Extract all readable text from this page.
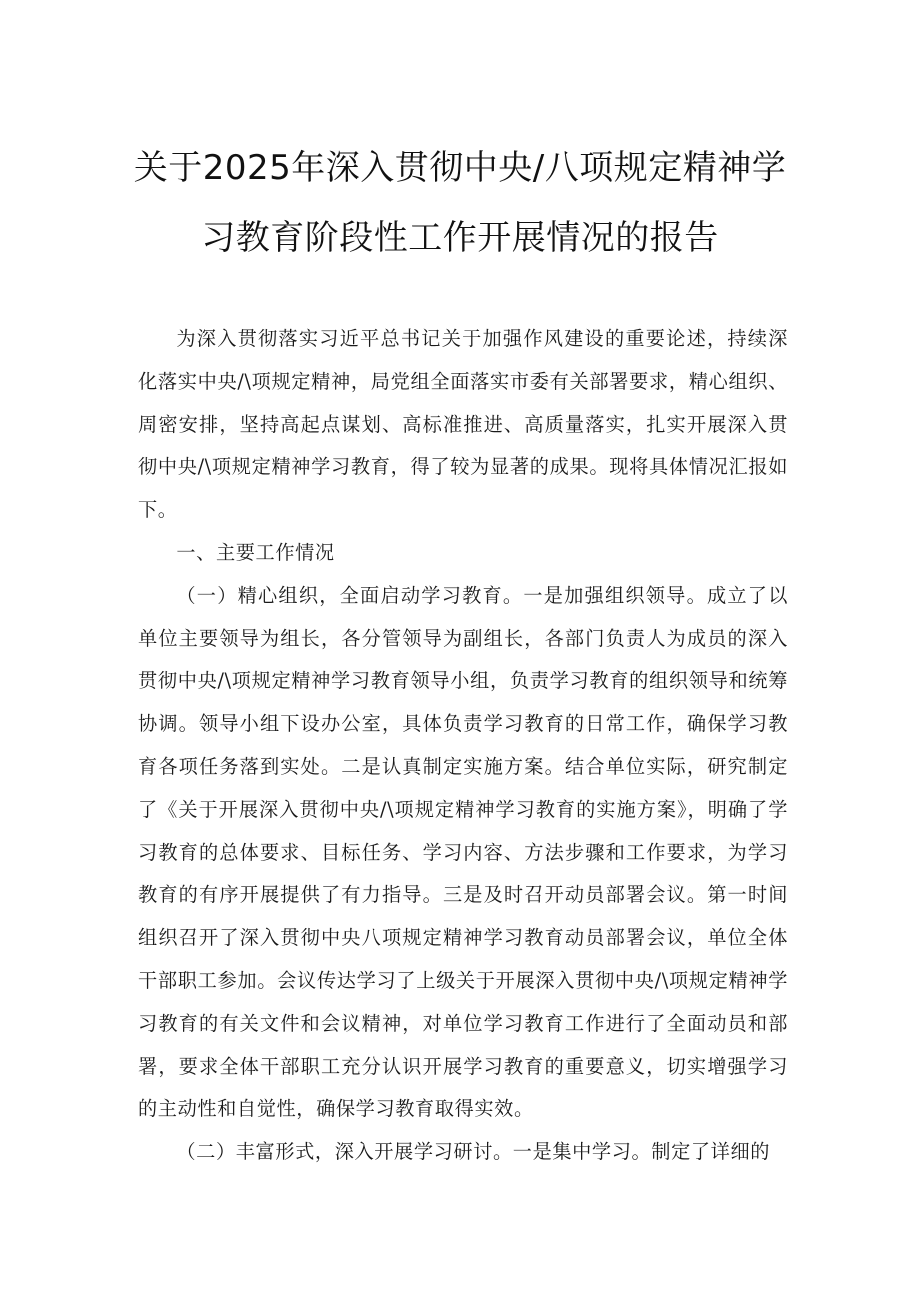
关于2025年深入贯彻中央/八项规定精神学
习教育阶段性工作开展情况的报告

为深入贯彻落实习近平总书记关于加强作风建设的重要论述，持续深化落实中央/\项规定精神，局党组全面落实市委有关部署要求，精心组织、周密安排，坚持高起点谋划、高标准推进、高质量落实，扎实开展深入贯彻中央/\项规定精神学习教育，得了较为显著的成果。现将具体情况汇报如下。

一、主要工作情况

（一）精心组织，全面启动学习教育。一是加强组织领导。成立了以单位主要领导为组长，各分管领导为副组长，各部门负责人为成员的深入贯彻中央/\项规定精神学习教育领导小组，负责学习教育的组织领导和统筹协调。领导小组下设办公室，具体负责学习教育的日常工作，确保学习教育各项任务落到实处。二是认真制定实施方案。结合单位实际，研究制定了《关于开展深入贯彻中央/\项规定精神学习教育的实施方案》，明确了学习教育的总体要求、目标任务、学习内容、方法步骤和工作要求，为学习教育的有序开展提供了有力指导。三是及时召开动员部署会议。第一时间组织召开了深入贯彻中央八项规定精神学习教育动员部署会议，单位全体干部职工参加。会议传达学习了上级关于开展深入贯彻中央/\项规定精神学习教育的有关文件和会议精神，对单位学习教育工作进行了全面动员和部署，要求全体干部职工充分认识开展学习教育的重要意义，切实增强学习的主动性和自觉性，确保学习教育取得实效。

（二）丰富形式，深入开展学习研讨。一是集中学习。制定了详细的
